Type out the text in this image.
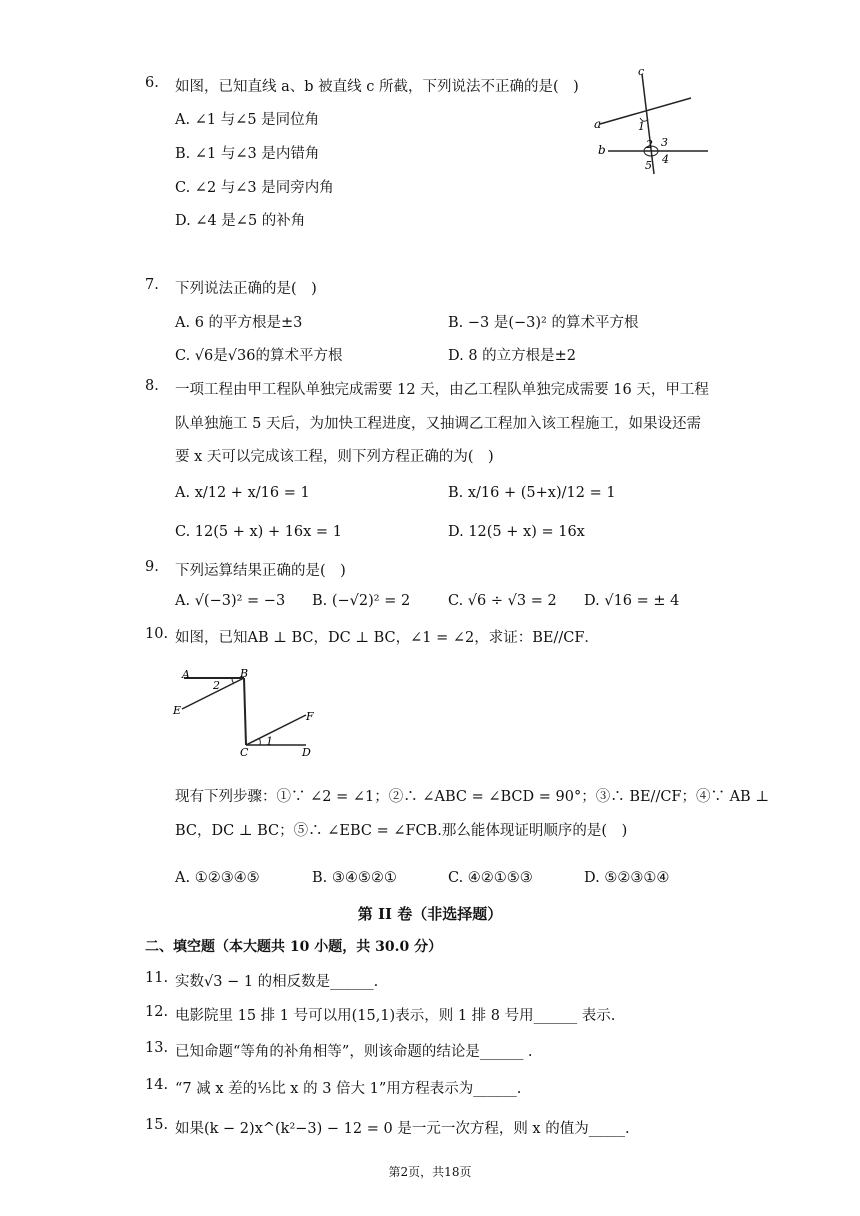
6. 如图，已知直线 a、b 被直线 c 所截，下列说法不正确的是(　)
A. ∠1 与∠5 是同位角
B. ∠1 与∠3 是内错角
C. ∠2 与∠3 是同旁内角
D. ∠4 是∠5 的补角
c
a
b
1
2 3
4
5
7. 下列说法正确的是(　)
A. 6 的平方根是±3	B. −3 是(−3)² 的算术平方根
C. √6是√36的算术平方根	D. 8 的立方根是±2
8. 一项工程由甲工程队单独完成需要 12 天，由乙工程队单独完成需要 16 天，甲工程
队单独施工 5 天后，为加快工程进度，又抽调乙工程加入该工程施工，如果设还需
要 x 天可以完成该工程，则下列方程正确的为(　)
A. x/12 + x/16 = 1	B. x/16 + (5+x)/12 = 1
C. 12(5 + x) + 16x = 1	D. 12(5 + x) = 16x
9. 下列运算结果正确的是(　)
A. √(−3)² = −3 B. (−√2)² = 2	C. √6 ÷ √3 = 2 D. √16 = ± 4
10. 如图，已知AB ⊥ BC，DC ⊥ BC，∠1 = ∠2，求证：BE//CF．
A	B
E	F
C	D
2
1
现有下列步骤：①∵ ∠2 = ∠1；②∴ ∠ABC = ∠BCD = 90°；③∴ BE//CF；④∵ AB ⊥
BC，DC ⊥ BC；⑤∴ ∠EBC = ∠FCB.那么能体现证明顺序的是(　)
A. ①②③④⑤	B. ③④⑤②①	C. ④②①⑤③	D. ⑤②③①④
第 II 卷（非选择题）
二、填空题（本大题共 10 小题，共 30.0 分）
11. 实数√3 − 1 的相反数是______.
12. 电影院里 15 排 1 号可以用(15,1)表示，则 1 排 8 号用______ 表示.
13. 已知命题“等角的补角相等”，则该命题的结论是______ .
14. “7 减 x 差的⅕比 x 的 3 倍大 1”用方程表示为______.
15. 如果(k − 2)x^(k²−3) − 12 = 0 是一元一次方程，则 x 的值为_____.
第2页，共18页
